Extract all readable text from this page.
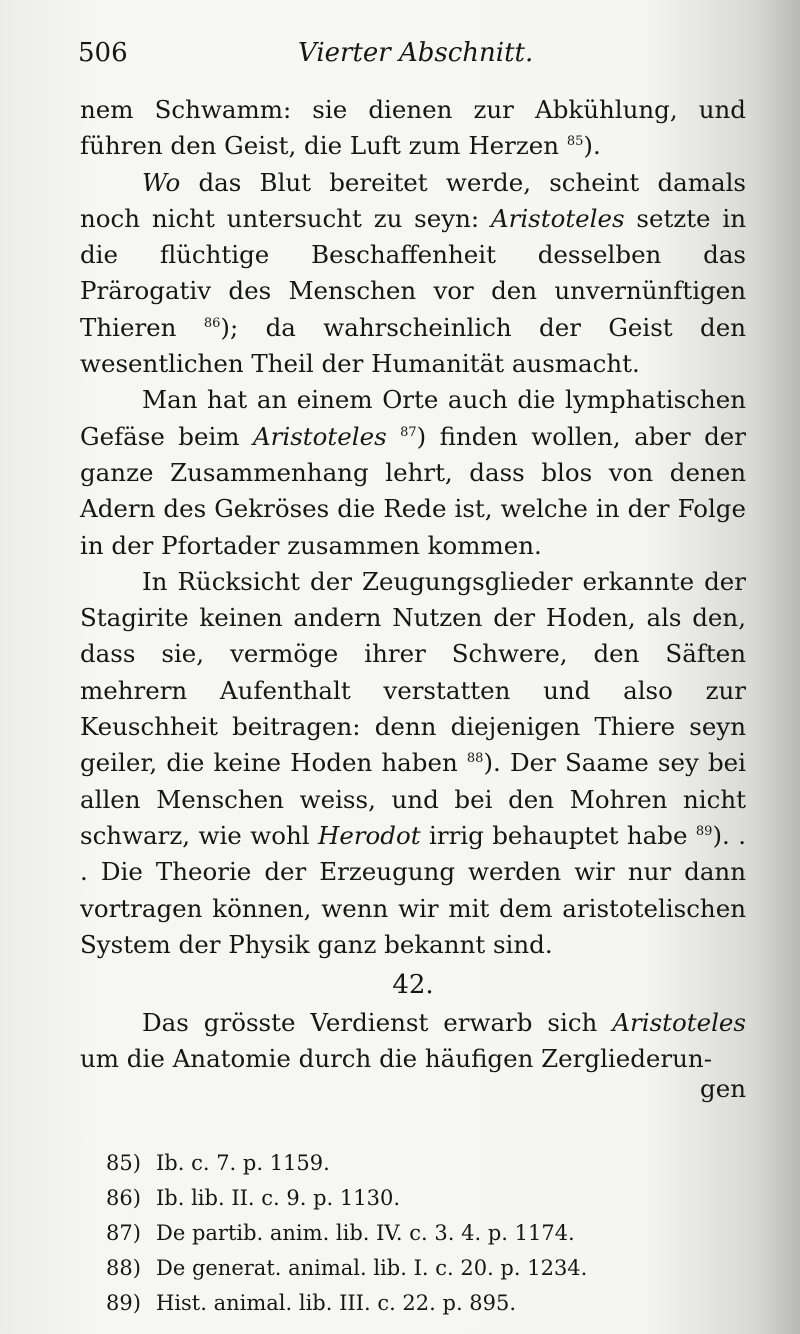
506	Vierter Abschnitt.

nem Schwamm: sie dienen zur Abkühlung, und führen den Geist, die Luft zum Herzen $^{85}$).

Wo das Blut bereitet werde, scheint damals noch nicht untersucht zu seyn: Aristoteles setzte in die flüchtige Beschaffenheit desselben das Prärogativ des Menschen vor den unvernünftigen Thieren $^{86}$); da wahrscheinlich der Geist den wesentlichen Theil der Humanität ausmacht.

Man hat an einem Orte auch die lymphatischen Gefäse beim Aristoteles $^{87}$) finden wollen, aber der ganze Zusammenhang lehrt, dass blos von denen Adern des Gekröses die Rede ist, welche in der Folge in der Pfortader zusammen kommen.

In Rücksicht der Zeugungsglieder erkannte der Stagirite keinen andern Nutzen der Hoden, als den, dass sie, vermöge ihrer Schwere, den Säften mehrern Aufenthalt verstatten und also zur Keuschheit beitragen: denn diejenigen Thiere seyn geiler, die keine Hoden haben $^{88}$). Der Saame sey bei allen Menschen weiss, und bei den Mohren nicht schwarz, wie wohl Herodot irrig behauptet habe $^{89}$). . . Die Theorie der Erzeugung werden wir nur dann vortragen können, wenn wir mit dem aristotelischen System der Physik ganz bekannt sind.

42.

Das grösste Verdienst erwarb sich Aristoteles um die Anatomie durch die häufigen Zergliederun-

gen
85) Ib. c. 7. p. 1159.
86) Ib. lib. II. c. 9. p. 1130.
87) De partib. anim. lib. IV. c. 3. 4. p. 1174.
88) De generat. animal. lib. I. c. 20. p. 1234.
89) Hist. animal. lib. III. c. 22. p. 895.
